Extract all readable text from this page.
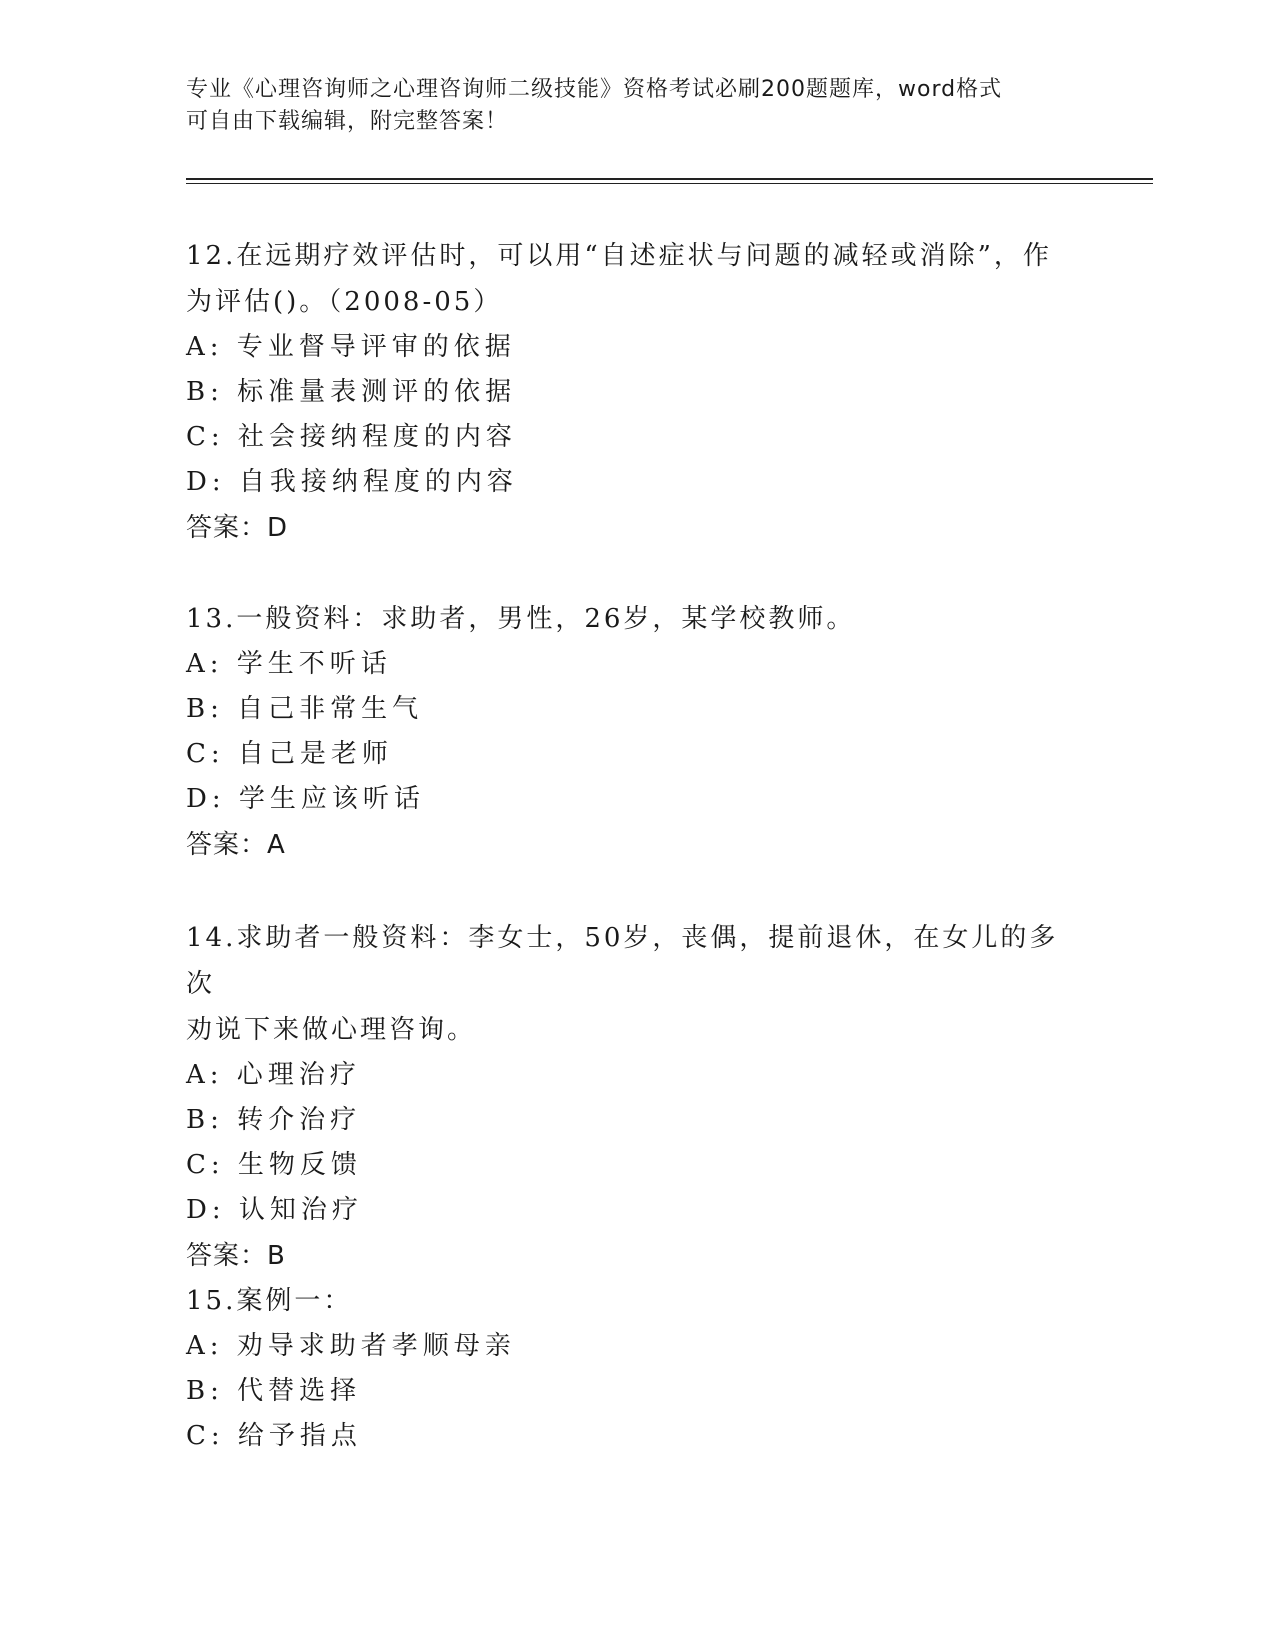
专业《心理咨询师之心理咨询师二级技能》资格考试必刷200题题库，word格式
可自由下载编辑，附完整答案！

12.在远期疗效评估时，可以用“自述症状与问题的减轻或消除”，作

为评估()。（2008-05）

A: 专业督导评审的依据

B: 标准量表测评的依据

C: 社会接纳程度的内容

D: 自我接纳程度的内容

答案：D

13.一般资料：求助者，男性，26岁，某学校教师。

A: 学生不听话

B: 自己非常生气

C: 自己是老师

D: 学生应该听话

答案：A

14.求助者一般资料：李女士，50岁，丧偶，提前退休，在女儿的多次

劝说下来做心理咨询。

A: 心理治疗

B: 转介治疗

C: 生物反馈

D: 认知治疗

答案：B

15.案例一：

A: 劝导求助者孝顺母亲

B: 代替选择

C: 给予指点
